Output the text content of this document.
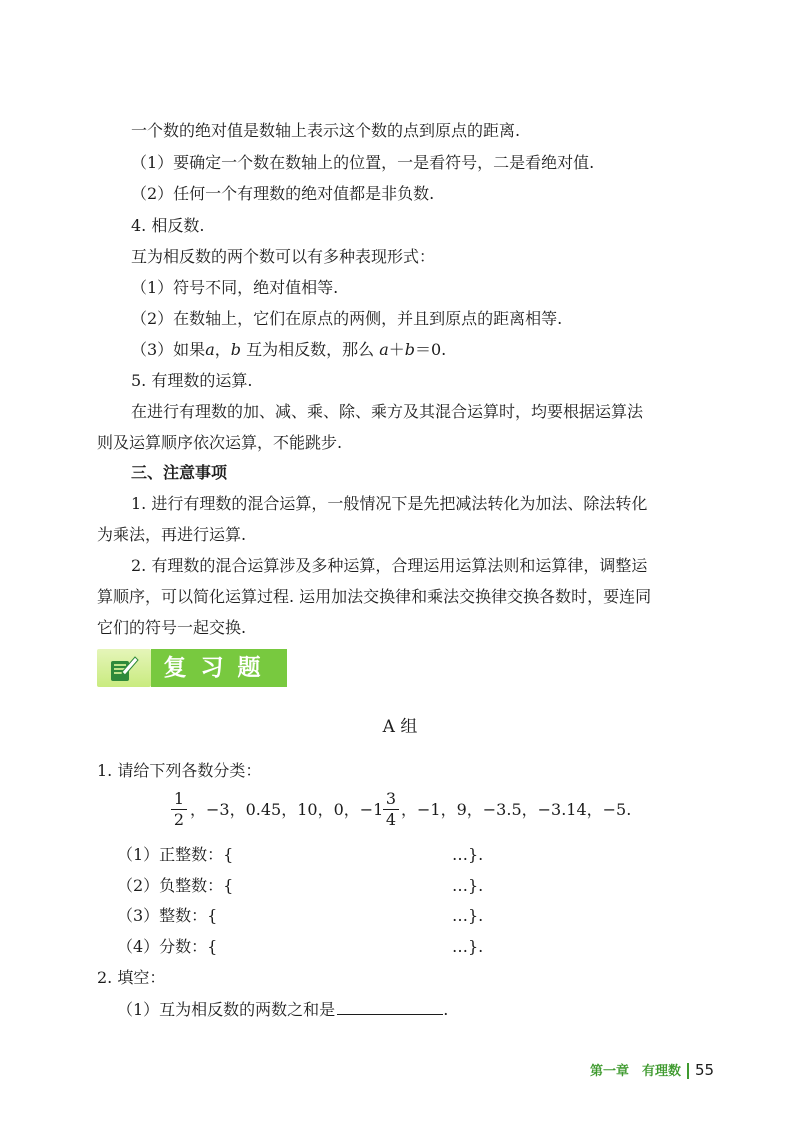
一个数的绝对值是数轴上表示这个数的点到原点的距离.
（1）要确定一个数在数轴上的位置，一是看符号，二是看绝对值.
（2）任何一个有理数的绝对值都是非负数.
4. 相反数.
互为相反数的两个数可以有多种表现形式：
（1）符号不同，绝对值相等.
（2）在数轴上，它们在原点的两侧，并且到原点的距离相等.
（3）如果a，b 互为相反数，那么 a＋b＝0.
5. 有理数的运算.
在进行有理数的加、减、乘、除、乘方及其混合运算时，均要根据运算法
则及运算顺序依次运算，不能跳步.
三、注意事项
1. 进行有理数的混合运算，一般情况下是先把减法转化为加法、除法转化
为乘法，再进行运算.
2. 有理数的混合运算涉及多种运算，合理运用运算法则和运算律，调整运
算顺序，可以简化运算过程. 运用加法交换律和乘法交换律交换各数时，要连同
它们的符号一起交换.
复习题
A 组
1. 请给下列各数分类：
1
2
，−3，0.45，10，0，−1
3
4
，−1，9，−3.5，−3.14，−5.
（1）正整数：{	…}.
（2）负整数：{	…}.
（3）整数：{	…}.
（4）分数：{	…}.
2. 填空：
（1）互为相反数的两数之和是	.
第一章　有理数 55
